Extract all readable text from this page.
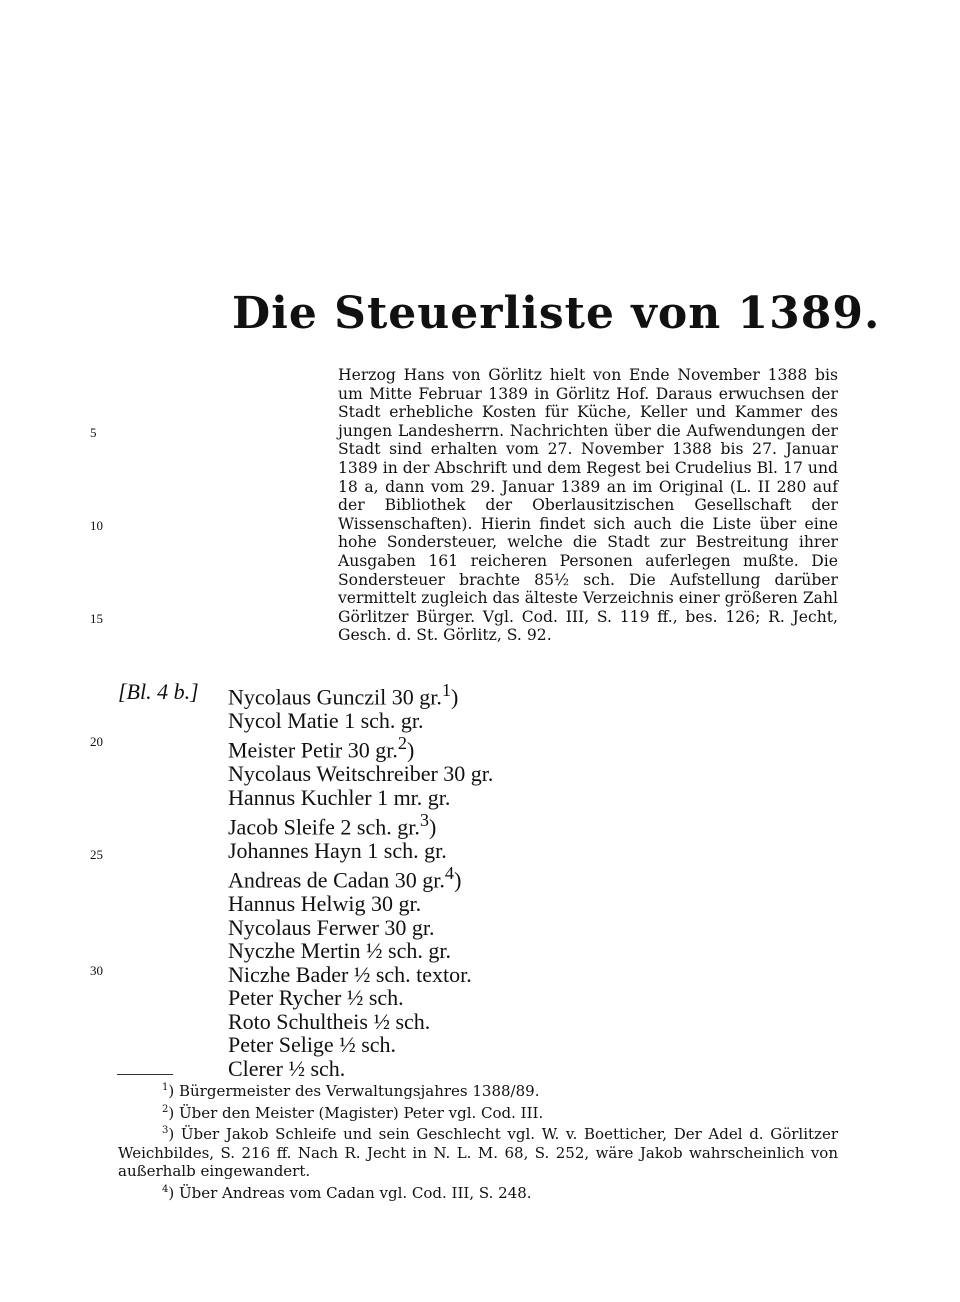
Die Steuerliste von 1389.

Herzog Hans von Görlitz hielt von Ende November 1388 bis um Mitte Februar 1389 in Görlitz Hof. Daraus erwuchsen der Stadt erhebliche Kosten für Küche, Keller und Kammer des jungen Landesherrn. Nachrichten über die Aufwendungen der Stadt sind erhalten vom 27. November 1388 bis 27. Januar 1389 in der Abschrift und dem Regest bei Crudelius Bl. 17 und 18 a, dann vom 29. Januar 1389 an im Original (L. II 280 auf der Bibliothek der Oberlausitzischen Gesellschaft der Wissenschaften). Hierin findet sich auch die Liste über eine hohe Sondersteuer, welche die Stadt zur Bestreitung ihrer Ausgaben 161 reicheren Personen auferlegen mußte. Die Sondersteuer brachte 85½ sch. Die Aufstellung darüber vermittelt zugleich das älteste Verzeichnis einer größeren Zahl Görlitzer Bürger. Vgl. Cod. III, S. 119 ff., bes. 126; R. Jecht, Gesch. d. St. Görlitz, S. 92.

5
10
15
20
25
30
[Bl. 4 b.] Nycolaus Gunczil 30 gr.$^1$)
Nycol Matie 1 sch. gr.
Meister Petir 30 gr.$^2$)
Nycolaus Weitschreiber 30 gr.
Hannus Kuchler 1 mr. gr.
Jacob Sleife 2 sch. gr.$^3$)
Johannes Hayn 1 sch. gr.
Andreas de Cadan 30 gr.$^4$)
Hannus Helwig 30 gr.
Nycolaus Ferwer 30 gr.
Nyczhe Mertin ½ sch. gr.
Niczhe Bader ½ sch. textor.
Peter Rycher ½ sch.
Roto Schultheis ½ sch.
Peter Selige ½ sch.
Clerer ½ sch.
$^1$) Bürgermeister des Verwaltungsjahres 1388/89.
$^2$) Über den Meister (Magister) Peter vgl. Cod. III.
$^3$) Über Jakob Schleife und sein Geschlecht vgl. W. v. Boetticher, Der Adel d. Görlitzer Weichbildes, S. 216 ff. Nach R. Jecht in N. L. M. 68, S. 252, wäre Jakob wahrscheinlich von außerhalb eingewandert.
$^4$) Über Andreas vom Cadan vgl. Cod. III, S. 248.
